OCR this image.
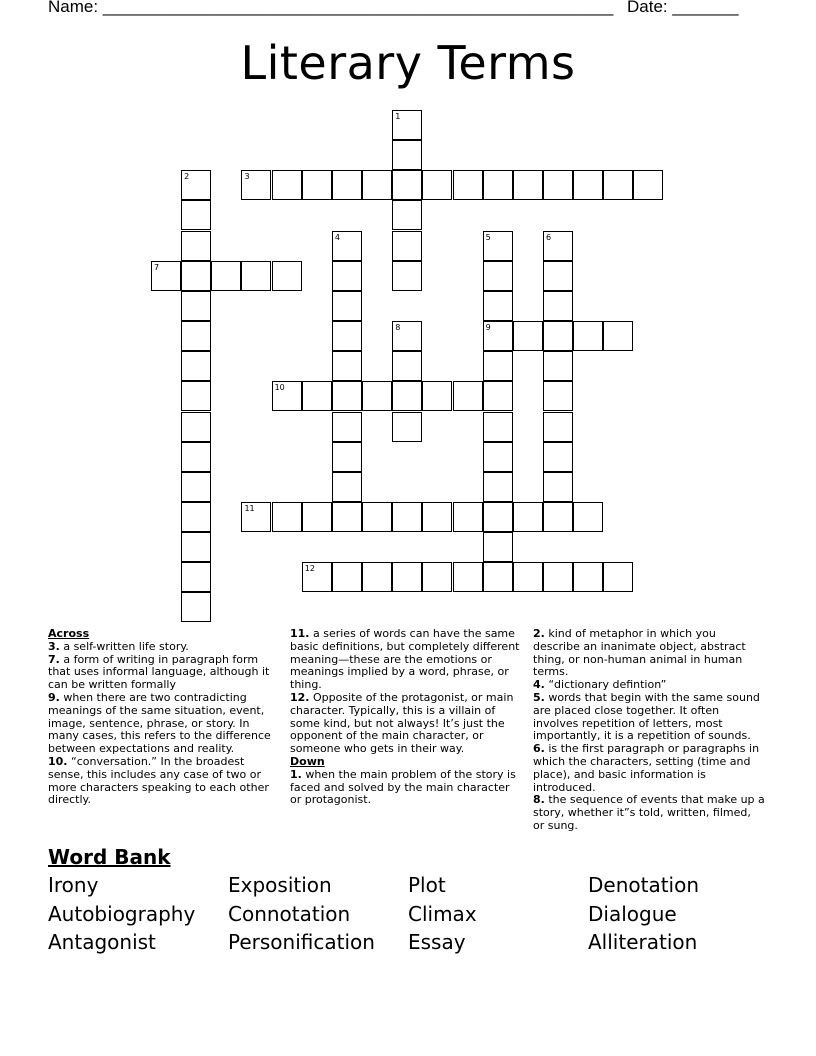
Name: ______________________________________________________ Date: _______
Literary Terms
1
2	3
4	5	6
7
8	9
10
11
12

Across

3. a self-written life story.

7. a form of writing in paragraph form that uses informal language, although it can be written formally

9. when there are two contradicting meanings of the same situation, event, image, sentence, phrase, or story. In many cases, this refers to the difference between expectations and reality.

10. “conversation.” In the broadest sense, this includes any case of two or more characters speaking to each other directly.

11. a series of words can have the same basic definitions, but completely different meaning—these are the emotions or meanings implied by a word, phrase, or thing.

12. Opposite of the protagonist, or main character. Typically, this is a villain of some kind, but not always! It’s just the opponent of the main character, or someone who gets in their way.

Down

1. when the main problem of the story is faced and solved by the main character or protagonist.

2. kind of metaphor in which you describe an inanimate object, abstract thing, or non-human animal in human terms.

4. “dictionary defintion”

5. words that begin with the same sound are placed close together. It often involves repetition of letters, most importantly, it is a repetition of sounds.

6. is the first paragraph or paragraphs in which the characters, setting (time and place), and basic information is introduced.

8. the sequence of events that make up a story, whether it”s told, written, filmed, or sung.

Word Bank
Irony	Exposition	Plot	Denotation
Autobiography Connotation	Climax	Dialogue
Antagonist	Personification Essay	Alliteration
